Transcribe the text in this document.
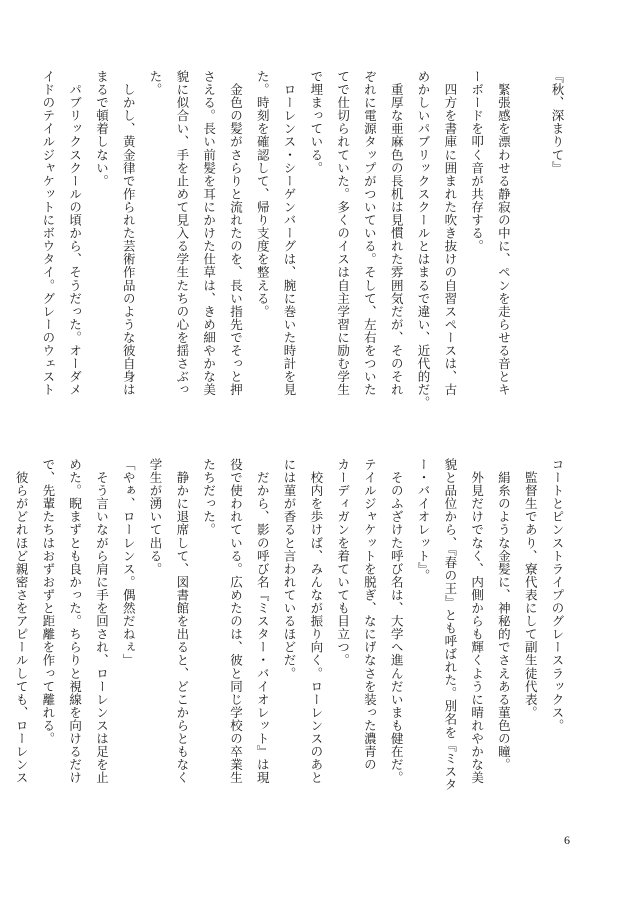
『秋、深まりて』

　緊張感を漂わせる静寂の中に、ペンを走らせる音とキ
ーボードを叩く音が共存する。
　四方を書庫に囲まれた吹き抜けの自習スペースは、古
めかしいパブリックスクールとはまるで違い、近代的だ。
　重厚な亜麻色の長机は見慣れた雰囲気だが、そのそれ
ぞれに電源タップがついている。そして、左右をついた
てで仕切られていた。多くのイスは自主学習に励む学生
で埋まっている。
　ローレンス・シーゲンバーグは、腕に巻いた時計を見
た。時刻を確認して、帰り支度を整える。
　金色の髪がさらりと流れたのを、長い指先でそっと押
さえる。長い前髪を耳にかけた仕草は、きめ細やかな美
貌に似合い、手を止めて見入る学生たちの心を揺さぶっ
た。
　しかし、黄金律で作られた芸術作品のような彼自身は
まるで頓着しない。
　パブリックスクールの頃から、そうだった。オーダメ
イドのテイルジャケットにボウタイ。グレーのウェスト
コートとピンストライプのグレースラックス。
　監督生であり、寮代表にして副生徒代表。
　絹糸のような金髪に、神秘的でさえある菫色の瞳。
　外見だけでなく、内側からも輝くように晴れやかな美
貌と品位から、『春の王』とも呼ばれた。別名を『ミスタ
ー・バイオレット』。
　そのふざけた呼び名は、大学へ進んだいまも健在だ。
テイルジャケットを脱ぎ、なにげなさを装った濃青の
カーディガンを着ていても目立つ。
　校内を歩けば、みんなが振り向く。ローレンスのあと
には菫が香ると言われているほどだ。
　だから、影の呼び名『ミスター・バイオレット』は現
役で使われている。広めたのは、彼と同じ学校の卒業生
たちだった。
　静かに退席して、図書館を出ると、どこからともなく
学生が湧いて出る。
「やぁ、ローレンス。偶然だねぇ」
　そう言いながら肩に手を回され、ローレンスは足を止
めた。睨まずとも良かった。ちらりと視線を向けるだけ
で、先輩たちはおずおずと距離を作って離れる。
　彼らがどれほど親密さをアピールしても、ローレンス
6
